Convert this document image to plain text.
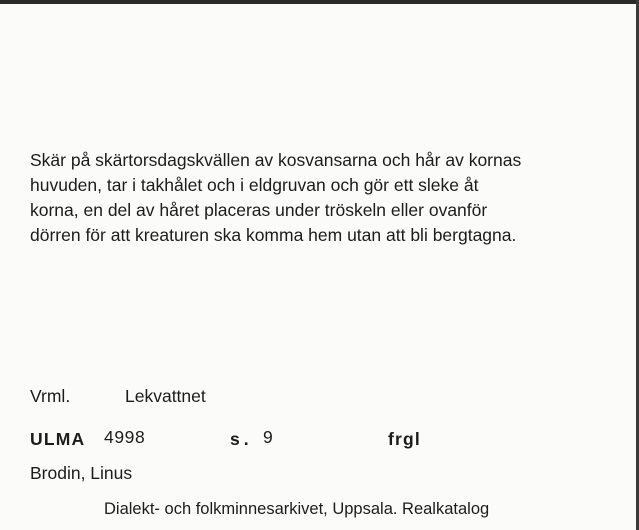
Skär på skärtorsdagskvällen av kosvansarna och hår av kornas
huvuden, tar i takhålet och i eldgruvan och gör ett sleke åt
korna, en del av håret placeras under tröskeln eller ovanför
dörren för att kreaturen ska komma hem utan att bli bergtagna.
Vrml.	Lekvattnet
ULMA 4998	s. 9	frgl
Brodin, Linus
Dialekt- och folkminnesarkivet, Uppsala. Realkatalog
